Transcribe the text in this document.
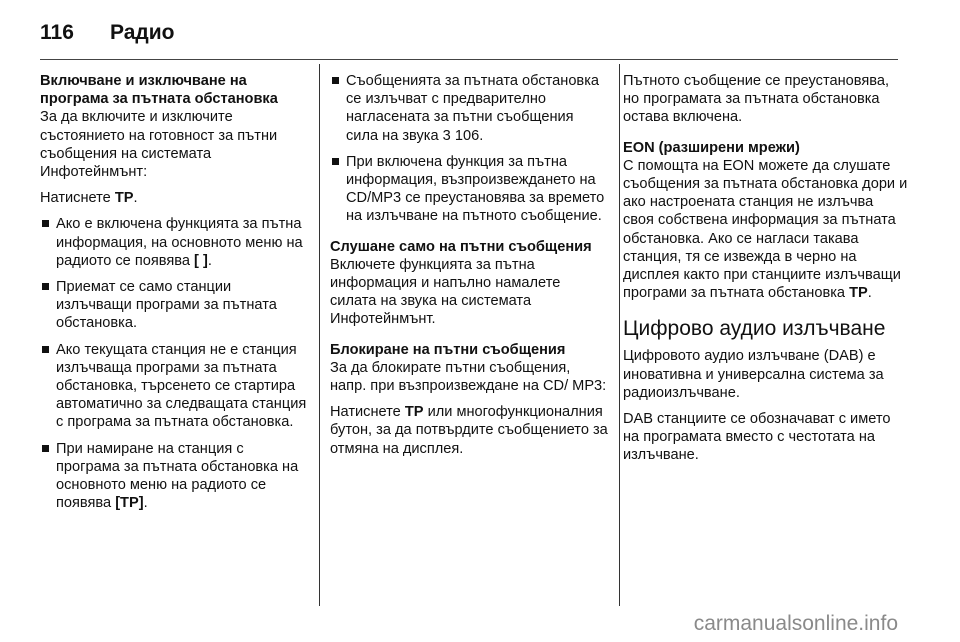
116	Радио

Включване и изключване на програма за пътната обстановка

За да включите и изключите състоянието на готовност за пътни съобщения на системата Инфотейнмънт:

Натиснете TP.

Ако е включена функцията за пътна информация, на основното меню на радиото се появява [ ].
Приемат се само станции излъчващи програми за пътната обстановка.
Ако текущата станция не е станция излъчваща програми за пътната обстановка, търсенето се стартира автоматично за следващата станция с програма за пътната обстановка.
При намиране на станция с програма за пътната обстановка на основното меню на радиото се появява [TP].
Съобщенията за пътната обстановка се излъчват с предварително нагласената за пътни съобщения сила на звука 3 106.
При включена функция за пътна информация, възпроизвеждането на CD/MP3 се преустановява за времето на излъчване на пътното съобщение.

Слушане само на пътни съобщения

Включете функцията за пътна информация и напълно намалете силата на звука на системата Инфотейнмънт.

Блокиране на пътни съобщения

За да блокирате пътни съобщения, напр. при възпроизвеждане на CD/ MP3:

Натиснете TP или многофункционалния бутон, за да потвърдите съобщението за отмяна на дисплея.

Пътното съобщение се преустановява, но програмата за пътната обстановка остава включена.

EON (разширени мрежи)

С помощта на EON можете да слушате съобщения за пътната обстановка дори и ако настроената станция не излъчва своя собствена информация за пътната обстановка. Ако се нагласи такава станция, тя се извежда в черно на дисплея както при станциите излъчващи програми за пътната обстановка TP.

Цифрово аудио излъчване

Цифровото аудио излъчване (DAB) е иновативна и универсална система за радиоизлъчване.

DAB станциите се обозначават с името на програмата вместо с честотата на излъчване.

carmanualsonline.info
